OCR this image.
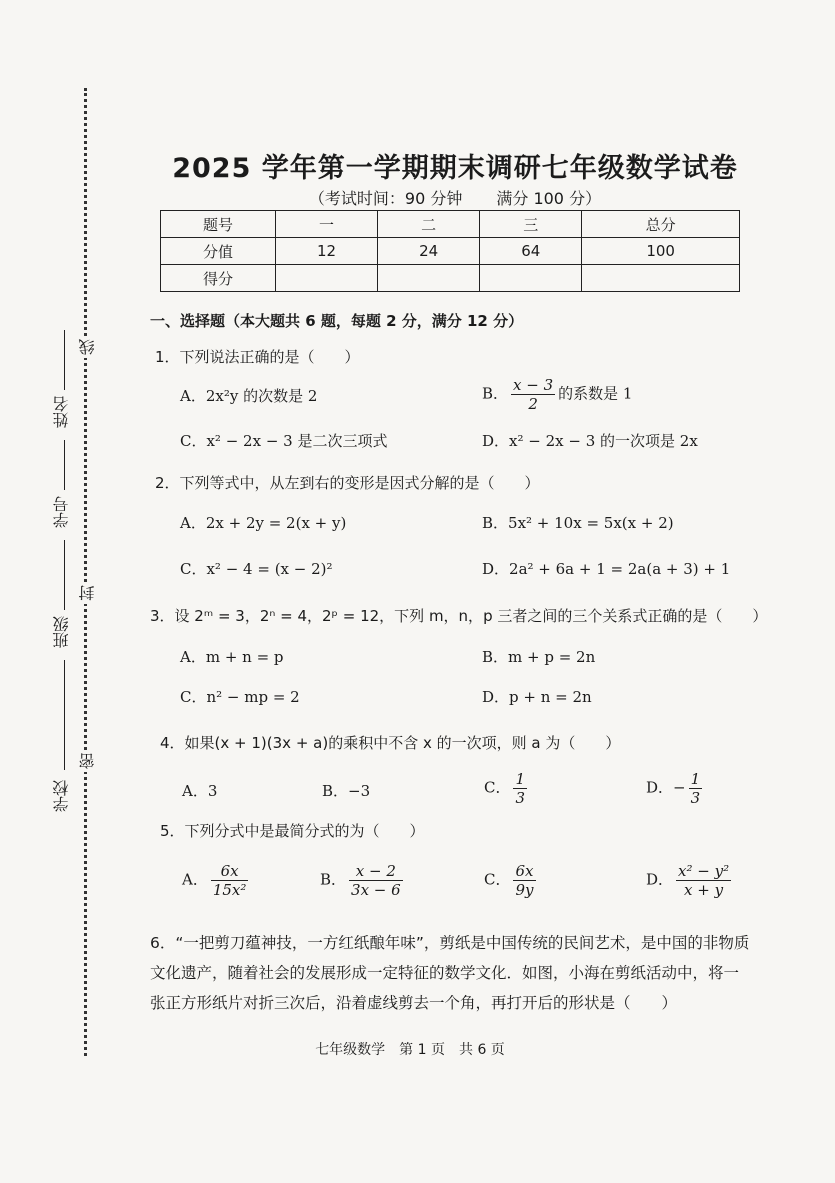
线
封
密
姓名
学号
班级
学校
2025 学年第一学期期末调研七年级数学试卷
（考试时间：90 分钟 满分 100 分）
题号	一	二	三	总分
分值	12	24	64	100
得分				
一、选择题（本大题共 6 题，每题 2 分，满分 12 分）
1．下列说法正确的是（　　）
A．2x²y 的次数是 2	B． $\frac{x - 3}{2}$ 的系数是 1
C．x² − 2x − 3 是二次三项式	D．x² − 2x − 3 的一次项是 2x
2．下列等式中，从左到右的变形是因式分解的是（　　）
A．2x + 2y = 2(x + y)	B．5x² + 10x = 5x(x + 2)
C．x² − 4 = (x − 2)²	D．2a² + 6a + 1 = 2a(a + 3) + 1
3．设 2ᵐ = 3，2ⁿ = 4，2ᵖ = 12，下列 m，n，p 三者之间的三个关系式正确的是（　　）
A．m + n = p	B．m + p = 2n
C．n² − mp = 2	D．p + n = 2n
4．如果(x + 1)(3x + a)的乘积中不含 x 的一次项，则 a 为（　　）
A．3	B．−3	C． $\frac{1}{3}$	D．− $\frac{1}{3}$
5．下列分式中是最简分式的为（　　）
A． $\frac{6x}{\text{15x²}}$	B． $\frac{x - 2}{3x - 6}$	C． $\frac{6x}{9y}$	D． $\frac{\text{x² − y²}}{x + y}$
6．“一把剪刀蕴神技，一方红纸酿年味”，剪纸是中国传统的民间艺术，是中国的非物质文化遗产，随着社会的发展形成一定特征的数学文化．如图，小海在剪纸活动中，将一张正方形纸片对折三次后，沿着虚线剪去一个角，再打开后的形状是（　　）
七年级数学　第 1 页　共 6 页
